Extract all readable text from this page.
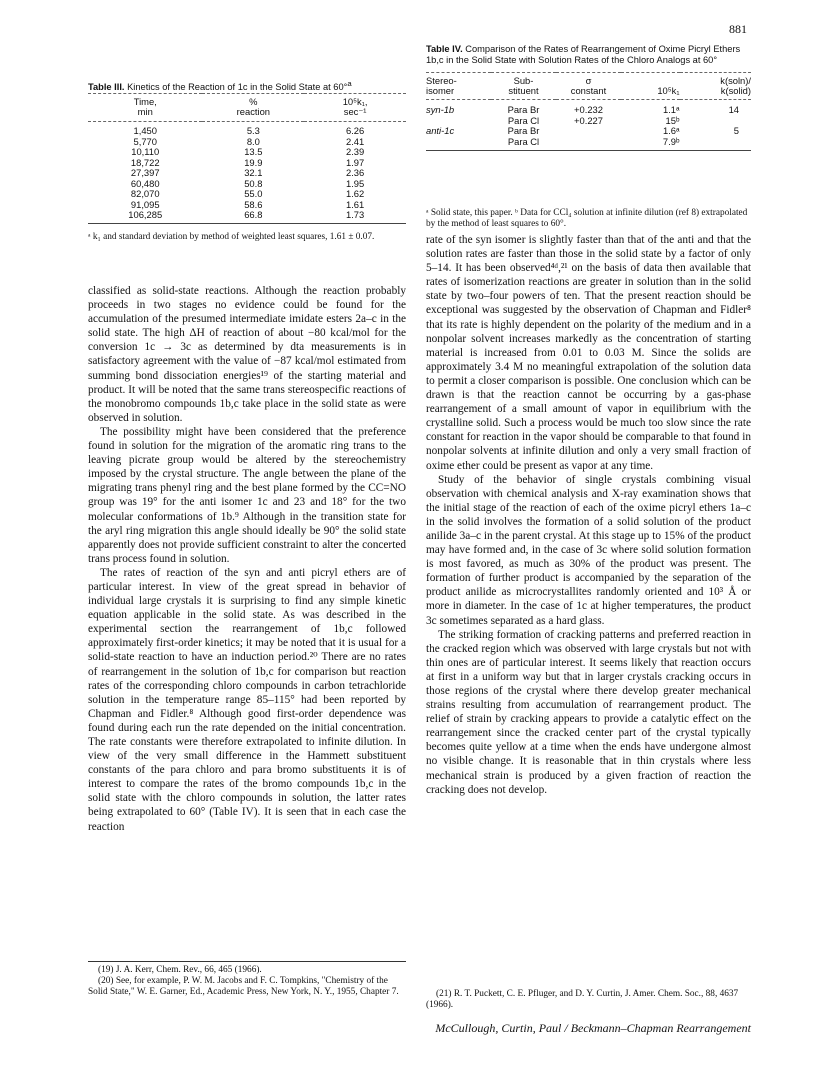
881
Table III. Kinetics of the Reaction of 1c in the Solid State at 60°$^a$
Time,	%	10⁵k₁,
min	reaction	sec⁻¹
1,450	5.3	6.26
5,770	8.0	2.41
10,110	13.5	2.39
18,722	19.9	1.97
27,397	32.1	2.36
60,480	50.8	1.95
82,070	55.0	1.62
91,095	58.6	1.61
106,285	66.8	1.73
ᵃ k₁ and standard deviation by method of weighted least squares, 1.61 ± 0.07.
Table IV. Comparison of the Rates of Rearrangement of Oxime Picryl Ethers 1b,c in the Solid State with Solution Rates of the Chloro Analogs at 60°
Stereo-	Sub-	σ		k(soln)/
isomer	stituent	constant	10⁵k₁	k(solid)
syn-1b	Para Br	+0.232	1.1ᵃ	14
	Para Cl	+0.227	15ᵇ	
anti-1c	Para Br		1.6ᵃ	5
	Para Cl		7.9ᵇ	
ᵃ Solid state, this paper. ᵇ Data for CCl₄ solution at infinite dilution (ref 8) extrapolated by the method of least squares to 60°.

classified as solid-state reactions. Although the reaction probably proceeds in two stages no evidence could be found for the accumulation of the presumed intermediate imidate esters 2a–c in the solid state. The high ΔH of reaction of about −80 kcal/mol for the conversion 1c → 3c as determined by dta measurements is in satisfactory agreement with the value of −87 kcal/mol estimated from summing bond dissociation energies¹⁹ of the starting material and product. It will be noted that the same trans stereospecific reactions of the monobromo compounds 1b,c take place in the solid state as were observed in solution.

The possibility might have been considered that the preference found in solution for the migration of the aromatic ring trans to the leaving picrate group would be altered by the stereochemistry imposed by the crystal structure. The angle between the plane of the migrating trans phenyl ring and the best plane formed by the CC=NO group was 19° for the anti isomer 1c and 23 and 18° for the two molecular conformations of 1b.⁹ Although in the transition state for the aryl ring migration this angle should ideally be 90° the solid state apparently does not provide sufficient constraint to alter the concerted trans process found in solution.

The rates of reaction of the syn and anti picryl ethers are of particular interest. In view of the great spread in behavior of individual large crystals it is surprising to find any simple kinetic equation applicable in the solid state. As was described in the experimental section the rearrangement of 1b,c followed approximately first-order kinetics; it may be noted that it is usual for a solid-state reaction to have an induction period.²⁰ There are no rates of rearrangement in the solution of 1b,c for comparison but reaction rates of the corresponding chloro compounds in carbon tetrachloride solution in the temperature range 85–115° had been reported by Chapman and Fidler.⁸ Although good first-order dependence was found during each run the rate depended on the initial concentration. The rate constants were therefore extrapolated to infinite dilution. In view of the very small difference in the Hammett substituent constants of the para chloro and para bromo substituents it is of interest to compare the rates of the bromo compounds 1b,c in the solid state with the chloro compounds in solution, the latter rates being extrapolated to 60° (Table IV). It is seen that in each case the reaction

rate of the syn isomer is slightly faster than that of the anti and that the solution rates are faster than those in the solid state by a factor of only 5–14. It has been observed⁴ᵈ,²¹ on the basis of data then available that rates of isomerization reactions are greater in solution than in the solid state by two–four powers of ten. That the present reaction should be exceptional was suggested by the observation of Chapman and Fidler⁸ that its rate is highly dependent on the polarity of the medium and in a nonpolar solvent increases markedly as the concentration of starting material is increased from 0.01 to 0.03 M. Since the solids are approximately 3.4 M no meaningful extrapolation of the solution data to permit a closer comparison is possible. One conclusion which can be drawn is that the reaction cannot be occurring by a gas-phase rearrangement of a small amount of vapor in equilibrium with the crystalline solid. Such a process would be much too slow since the rate constant for reaction in the vapor should be comparable to that found in nonpolar solvents at infinite dilution and only a very small fraction of oxime ether could be present as vapor at any time.

Study of the behavior of single crystals combining visual observation with chemical analysis and X-ray examination shows that the initial stage of the reaction of each of the oxime picryl ethers 1a–c in the solid involves the formation of a solid solution of the product anilide 3a–c in the parent crystal. At this stage up to 15% of the product may have formed and, in the case of 3c where solid solution formation is most favored, as much as 30% of the product was present. The formation of further product is accompanied by the separation of the product anilide as microcrystallites randomly oriented and 10³ Å or more in diameter. In the case of 1c at higher temperatures, the product 3c sometimes separated as a hard glass.

The striking formation of cracking patterns and preferred reaction in the cracked region which was observed with large crystals but not with thin ones are of particular interest. It seems likely that reaction occurs at first in a uniform way but that in larger crystals cracking occurs in those regions of the crystal where there develop greater mechanical strains resulting from accumulation of rearrangement product. The relief of strain by cracking appears to provide a catalytic effect on the rearrangement since the cracked center part of the crystal typically becomes quite yellow at a time when the ends have undergone almost no visible change. It is reasonable that in thin crystals where less mechanical strain is produced by a given fraction of reaction the cracking does not develop.

(19) J. A. Kerr, Chem. Rev., 66, 465 (1966).

(20) See, for example, P. W. M. Jacobs and F. C. Tompkins, "Chemistry of the Solid State," W. E. Garner, Ed., Academic Press, New York, N. Y., 1955, Chapter 7.	(21) R. T. Puckett, C. E. Pfluger, and D. Y. Curtin, J. Amer. Chem. Soc., 88, 4637 (1966).

McCullough, Curtin, Paul / Beckmann–Chapman Rearrangement
